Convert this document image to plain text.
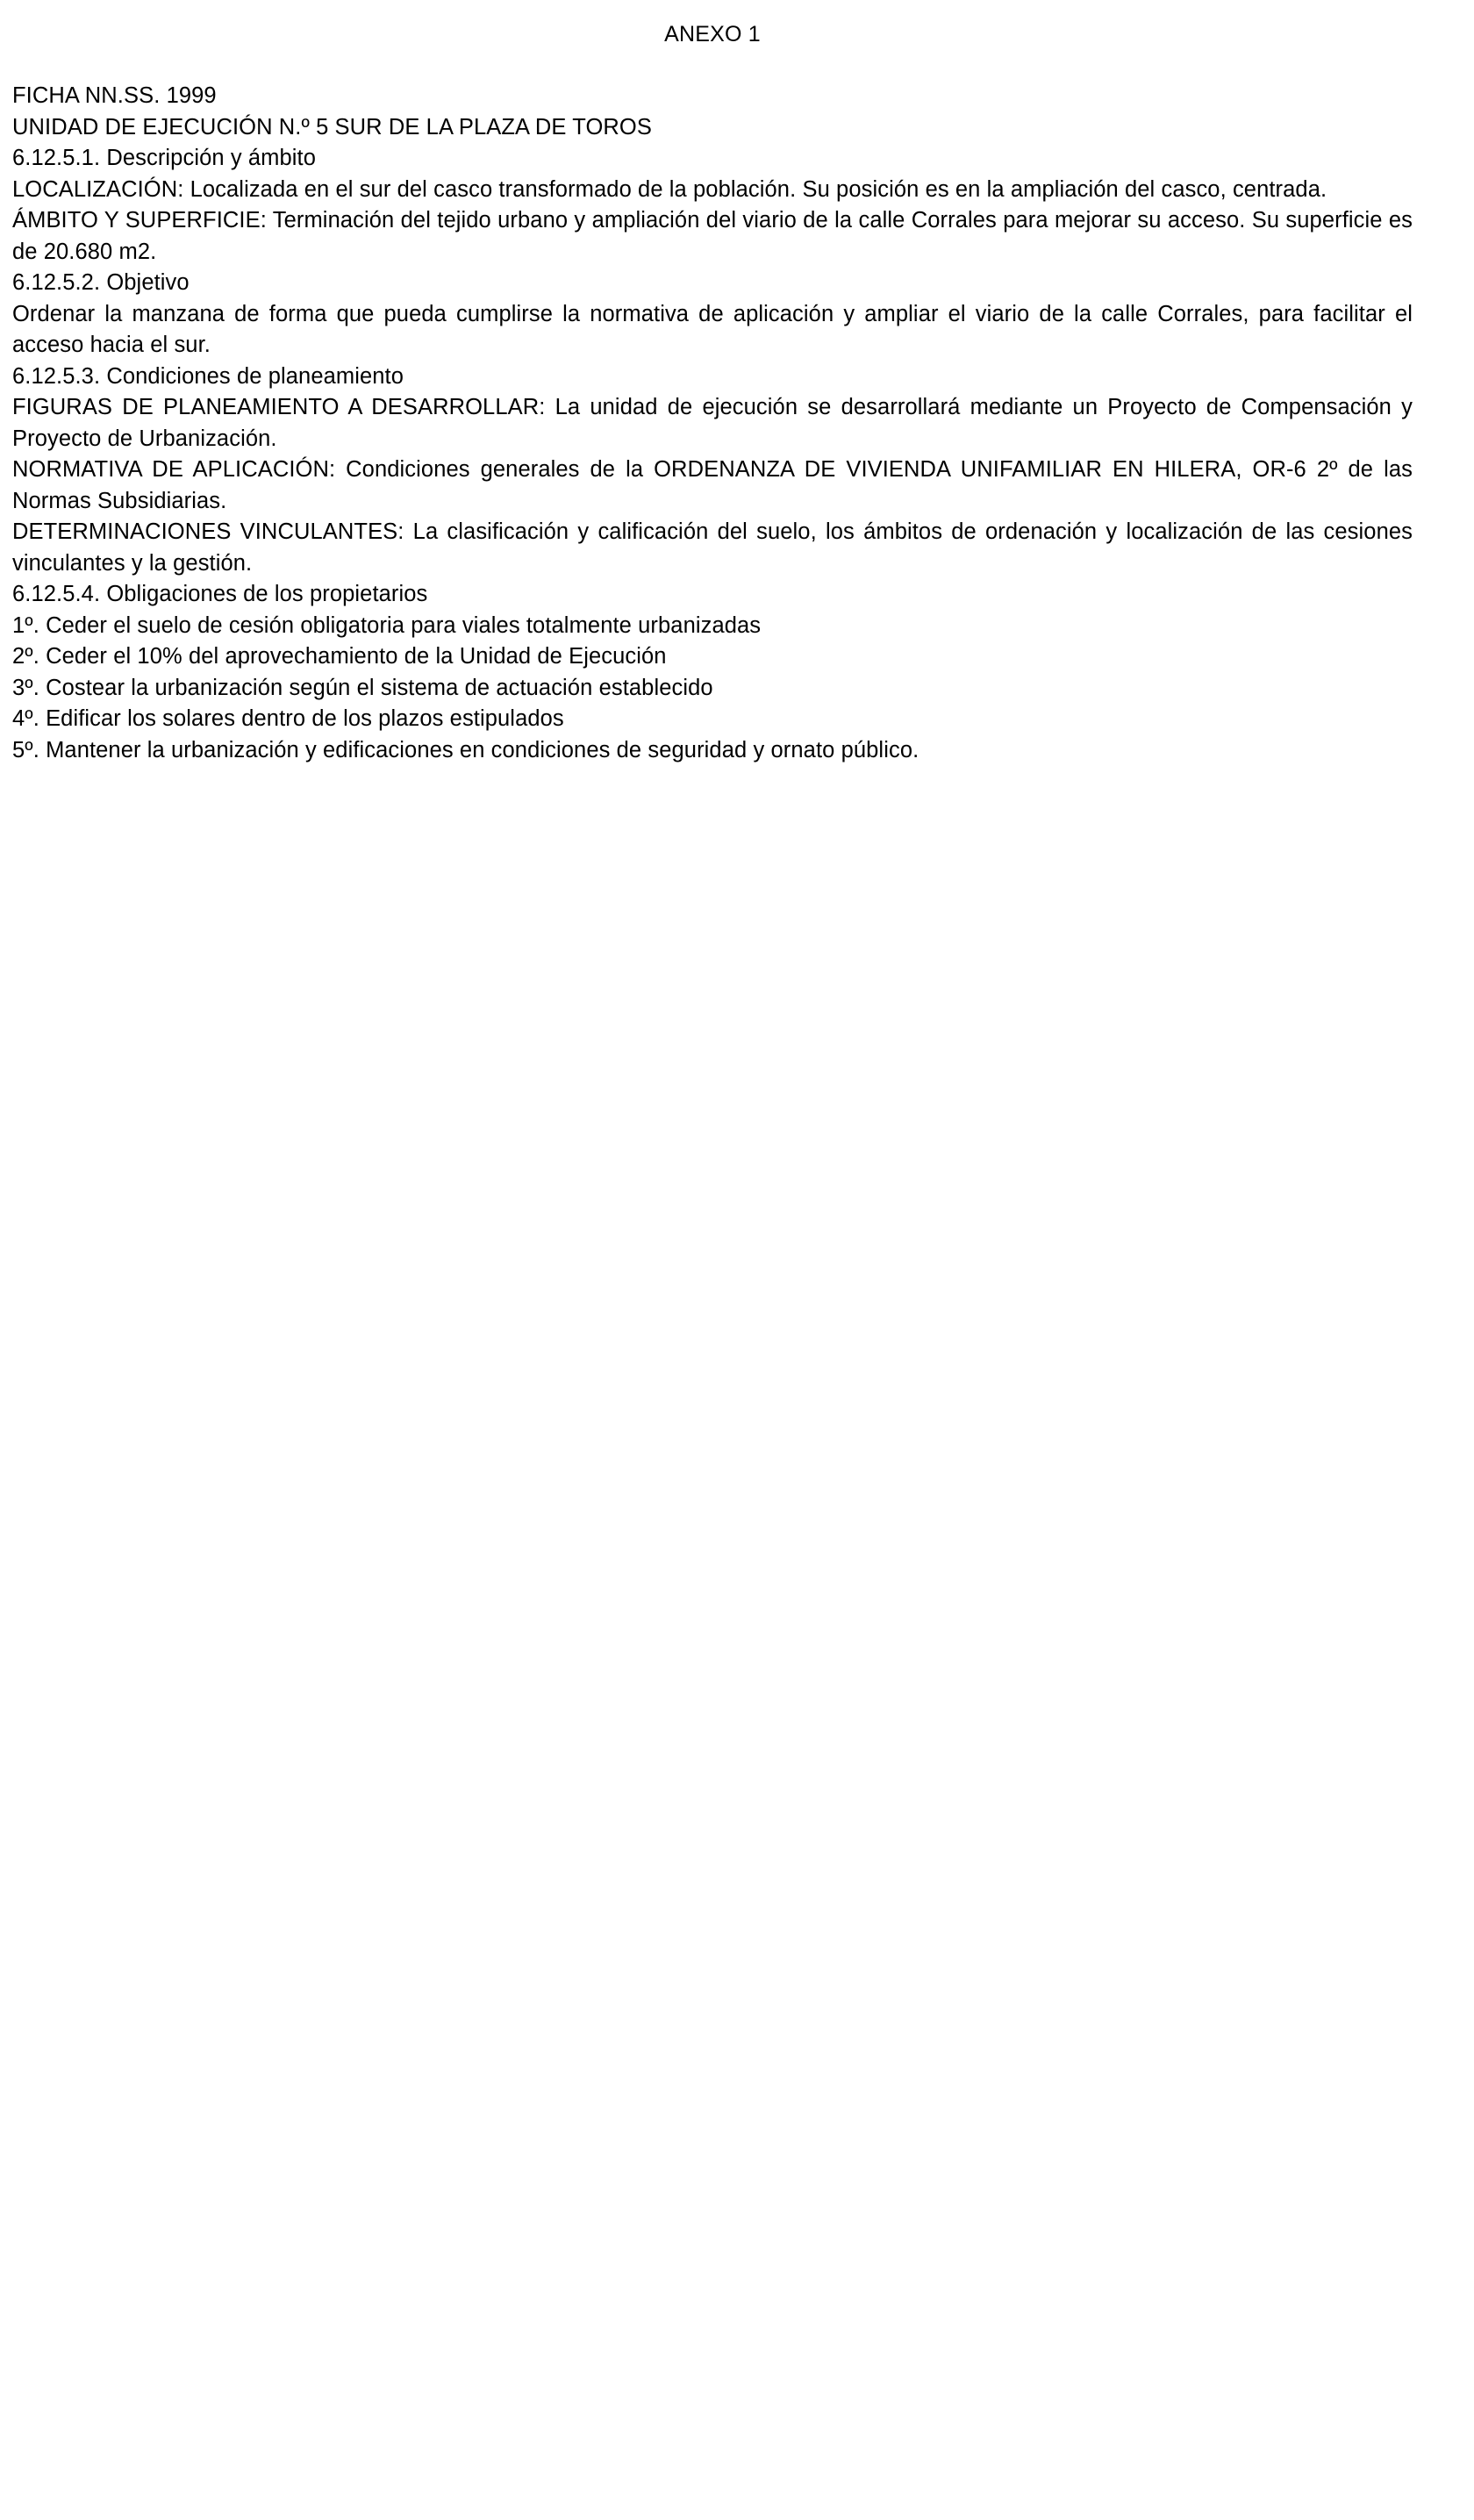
ANEXO 1

FICHA NN.SS. 1999

UNIDAD DE EJECUCIÓN N.º 5 SUR DE LA PLAZA DE TOROS

6.12.5.1. Descripción y ámbito

LOCALIZACIÓN: Localizada en el sur del casco transformado de la población. Su posición es en la ampliación del casco, centrada.

ÁMBITO Y SUPERFICIE: Terminación del tejido urbano y ampliación del viario de la calle Corrales para mejorar su acceso. Su superficie es de 20.680 m2.

6.12.5.2. Objetivo

Ordenar la manzana de forma que pueda cumplirse la normativa de aplicación y ampliar el viario de la calle Corrales, para facilitar el acceso hacia el sur.

6.12.5.3. Condiciones de planeamiento

FIGURAS DE PLANEAMIENTO A DESARROLLAR: La unidad de ejecución se desarrollará mediante un Proyecto de Compensación y Proyecto de Urbanización.

NORMATIVA DE APLICACIÓN: Condiciones generales de la ORDENANZA DE VIVIENDA UNIFAMILIAR EN HILERA, OR-6 2º de las Normas Subsidiarias.

DETERMINACIONES VINCULANTES: La clasificación y calificación del suelo, los ámbitos de ordenación y localización de las cesiones vinculantes y la gestión.

6.12.5.4. Obligaciones de los propietarios

1º. Ceder el suelo de cesión obligatoria para viales totalmente urbanizadas

2º. Ceder el 10% del aprovechamiento de la Unidad de Ejecución

3º. Costear la urbanización según el sistema de actuación establecido

4º. Edificar los solares dentro de los plazos estipulados

5º. Mantener la urbanización y edificaciones en condiciones de seguridad y ornato público.
